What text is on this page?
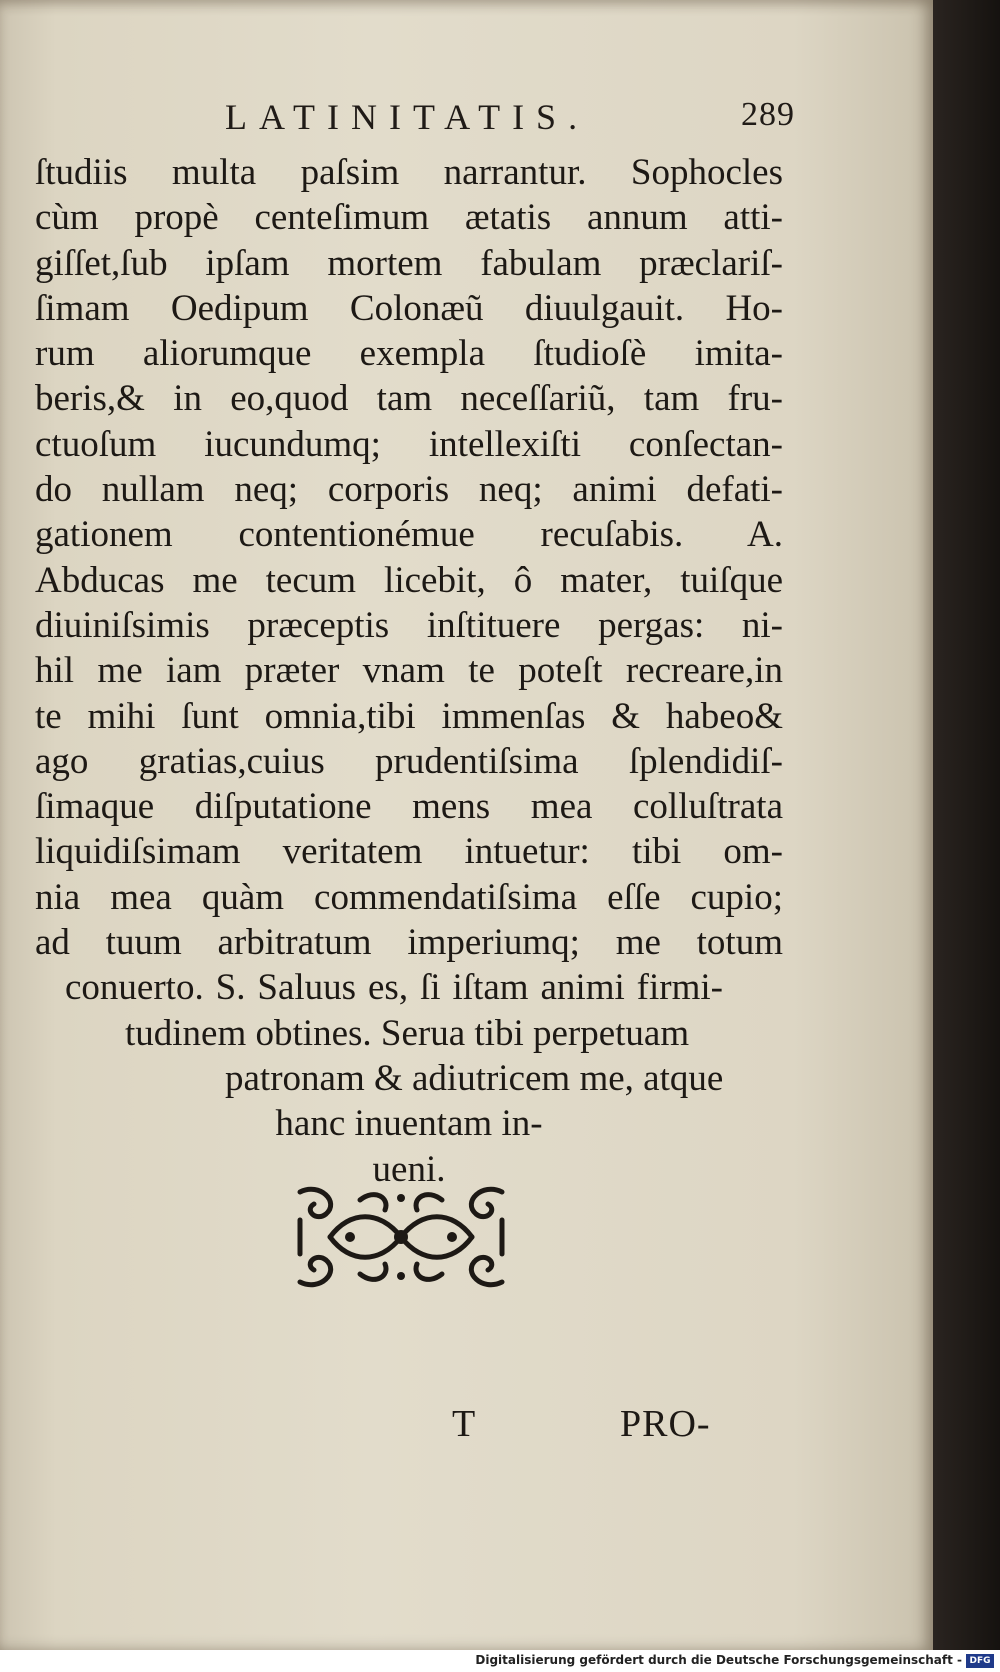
LATINITATIS.	289
ſtudiis multa paſsim narrantur. Sophocles
cùm propè centeſimum ætatis annum atti-
giſſet,ſub ipſam mortem fabulam præclariſ-
ſimam Oedipum Colonæũ diuulgauit. Ho-
rum aliorumque exempla ſtudioſè imita-
beris,& in eo,quod tam neceſſariũ, tam fru-
ctuoſum iucundumq; intellexiſti conſectan-
do nullam neq; corporis neq; animi defati-
gationem contentionémue recuſabis. A.
Abducas me tecum licebit, ô mater, tuiſque
diuiniſsimis præceptis inſtituere pergas: ni-
hil me iam præter vnam te poteſt recreare,in
te mihi ſunt omnia,tibi immenſas & habeo&
ago gratias,cuius prudentiſsima ſplendidiſ-
ſimaque diſputatione mens mea colluſtrata
liquidiſsimam veritatem intuetur: tibi om-
nia mea quàm commendatiſsima eſſe cupio;
ad tuum arbitratum imperiumq; me totum
conuerto. S. Saluus es, ſi iſtam animi firmi-
tudinem obtines. Serua tibi perpetuam
patronam & adiutricem me, atque
hanc inuentam in-
ueni.
T	PRO-
Digitalisierung gefördert durch die Deutsche Forschungsgemeinschaft - DFG
